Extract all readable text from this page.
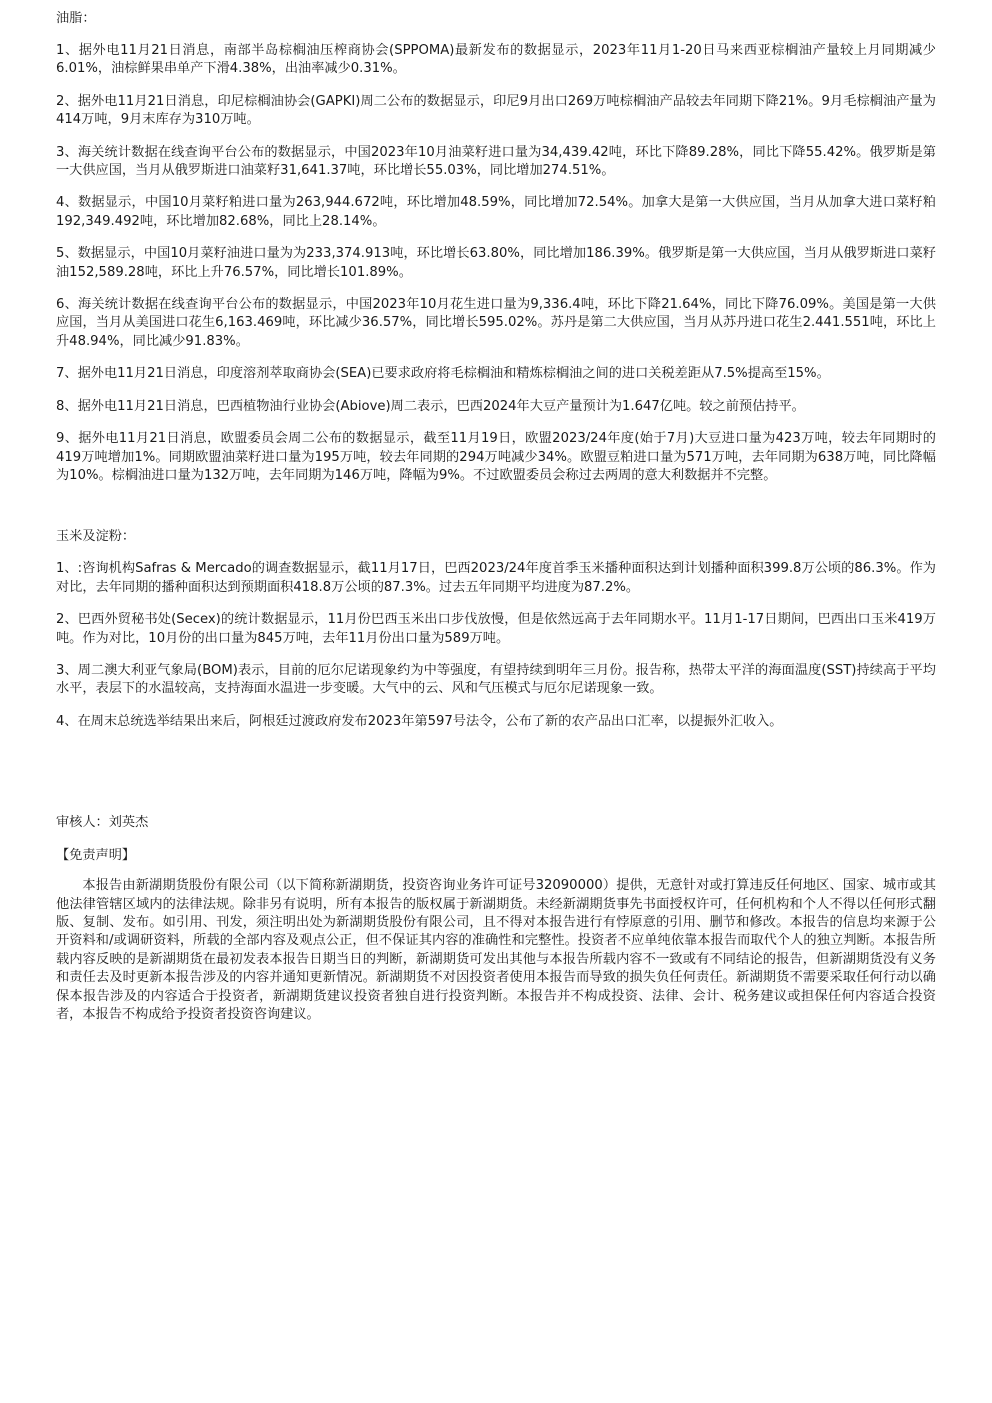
油脂：

1、据外电11月21日消息，南部半岛棕榈油压榨商协会(SPPOMA)最新发布的数据显示，2023年11月1-20日马来西亚棕榈油产量较上月同期减少6.01%，油棕鲜果串单产下滑4.38%，出油率减少0.31%。

2、据外电11月21日消息，印尼棕榈油协会(GAPKI)周二公布的数据显示，印尼9月出口269万吨棕榈油产品较去年同期下降21%。9月毛棕榈油产量为414万吨，9月末库存为310万吨。

3、海关统计数据在线查询平台公布的数据显示，中国2023年10月油菜籽进口量为34,439.42吨，环比下降89.28%，同比下降55.42%。俄罗斯是第一大供应国，当月从俄罗斯进口油菜籽31,641.37吨，环比增长55.03%，同比增加274.51%。

4、数据显示，中国10月菜籽粕进口量为263,944.672吨，环比增加48.59%，同比增加72.54%。加拿大是第一大供应国，当月从加拿大进口菜籽粕192,349.492吨，环比增加82.68%，同比上28.14%。

5、数据显示，中国10月菜籽油进口量为为233,374.913吨，环比增长63.80%，同比增加186.39%。俄罗斯是第一大供应国，当月从俄罗斯进口菜籽油152,589.28吨，环比上升76.57%，同比增长101.89%。

6、海关统计数据在线查询平台公布的数据显示，中国2023年10月花生进口量为9,336.4吨，环比下降21.64%，同比下降76.09%。美国是第一大供应国，当月从美国进口花生6,163.469吨，环比减少36.57%，同比增长595.02%。苏丹是第二大供应国，当月从苏丹进口花生2.441.551吨，环比上升48.94%，同比减少91.83%。

7、据外电11月21日消息，印度溶剂萃取商协会(SEA)已要求政府将毛棕榈油和精炼棕榈油之间的进口关税差距从7.5%提高至15%。

8、据外电11月21日消息，巴西植物油行业协会(Abiove)周二表示，巴西2024年大豆产量预计为1.647亿吨。较之前预估持平。

9、据外电11月21日消息，欧盟委员会周二公布的数据显示，截至11月19日，欧盟2023/24年度(始于7月)大豆进口量为423万吨，较去年同期时的419万吨增加1%。同期欧盟油菜籽进口量为195万吨，较去年同期的294万吨减少34%。欧盟豆粕进口量为571万吨，去年同期为638万吨，同比降幅为10%。棕榈油进口量为132万吨，去年同期为146万吨，降幅为9%。不过欧盟委员会称过去两周的意大利数据并不完整。

玉米及淀粉：

1、:咨询机构Safras & Mercado的调查数据显示，截11月17日，巴西2023/24年度首季玉米播种面积达到计划播种面积399.8万公顷的86.3%。作为对比，去年同期的播种面积达到预期面积418.8万公顷的87.3%。过去五年同期平均进度为87.2%。

2、巴西外贸秘书处(Secex)的统计数据显示，11月份巴西玉米出口步伐放慢，但是依然远高于去年同期水平。11月1-17日期间，巴西出口玉米419万吨。作为对比，10月份的出口量为845万吨，去年11月份出口量为589万吨。

3、周二澳大利亚气象局(BOM)表示，目前的厄尔尼诺现象约为中等强度，有望持续到明年三月份。报告称，热带太平洋的海面温度(SST)持续高于平均水平，表层下的水温较高，支持海面水温进一步变暖。大气中的云、风和气压模式与厄尔尼诺现象一致。

4、在周末总统选举结果出来后，阿根廷过渡政府发布2023年第597号法令，公布了新的农产品出口汇率，以提振外汇收入。

审核人：刘英杰
【免责声明】

本报告由新湖期货股份有限公司（以下简称新湖期货，投资咨询业务许可证号32090000）提供，无意针对或打算违反任何地区、国家、城市或其他法律管辖区域内的法律法规。除非另有说明，所有本报告的版权属于新湖期货。未经新湖期货事先书面授权许可，任何机构和个人不得以任何形式翻版、复制、发布。如引用、刊发，须注明出处为新湖期货股份有限公司，且不得对本报告进行有悖原意的引用、删节和修改。本报告的信息均来源于公开资料和/或调研资料，所载的全部内容及观点公正，但不保证其内容的准确性和完整性。投资者不应单纯依靠本报告而取代个人的独立判断。本报告所载内容反映的是新湖期货在最初发表本报告日期当日的判断，新湖期货可发出其他与本报告所载内容不一致或有不同结论的报告，但新湖期货没有义务和责任去及时更新本报告涉及的内容并通知更新情况。新湖期货不对因投资者使用本报告而导致的损失负任何责任。新湖期货不需要采取任何行动以确保本报告涉及的内容适合于投资者，新湖期货建议投资者独自进行投资判断。本报告并不构成投资、法律、会计、税务建议或担保任何内容适合投资者，本报告不构成给予投资者投资咨询建议。
